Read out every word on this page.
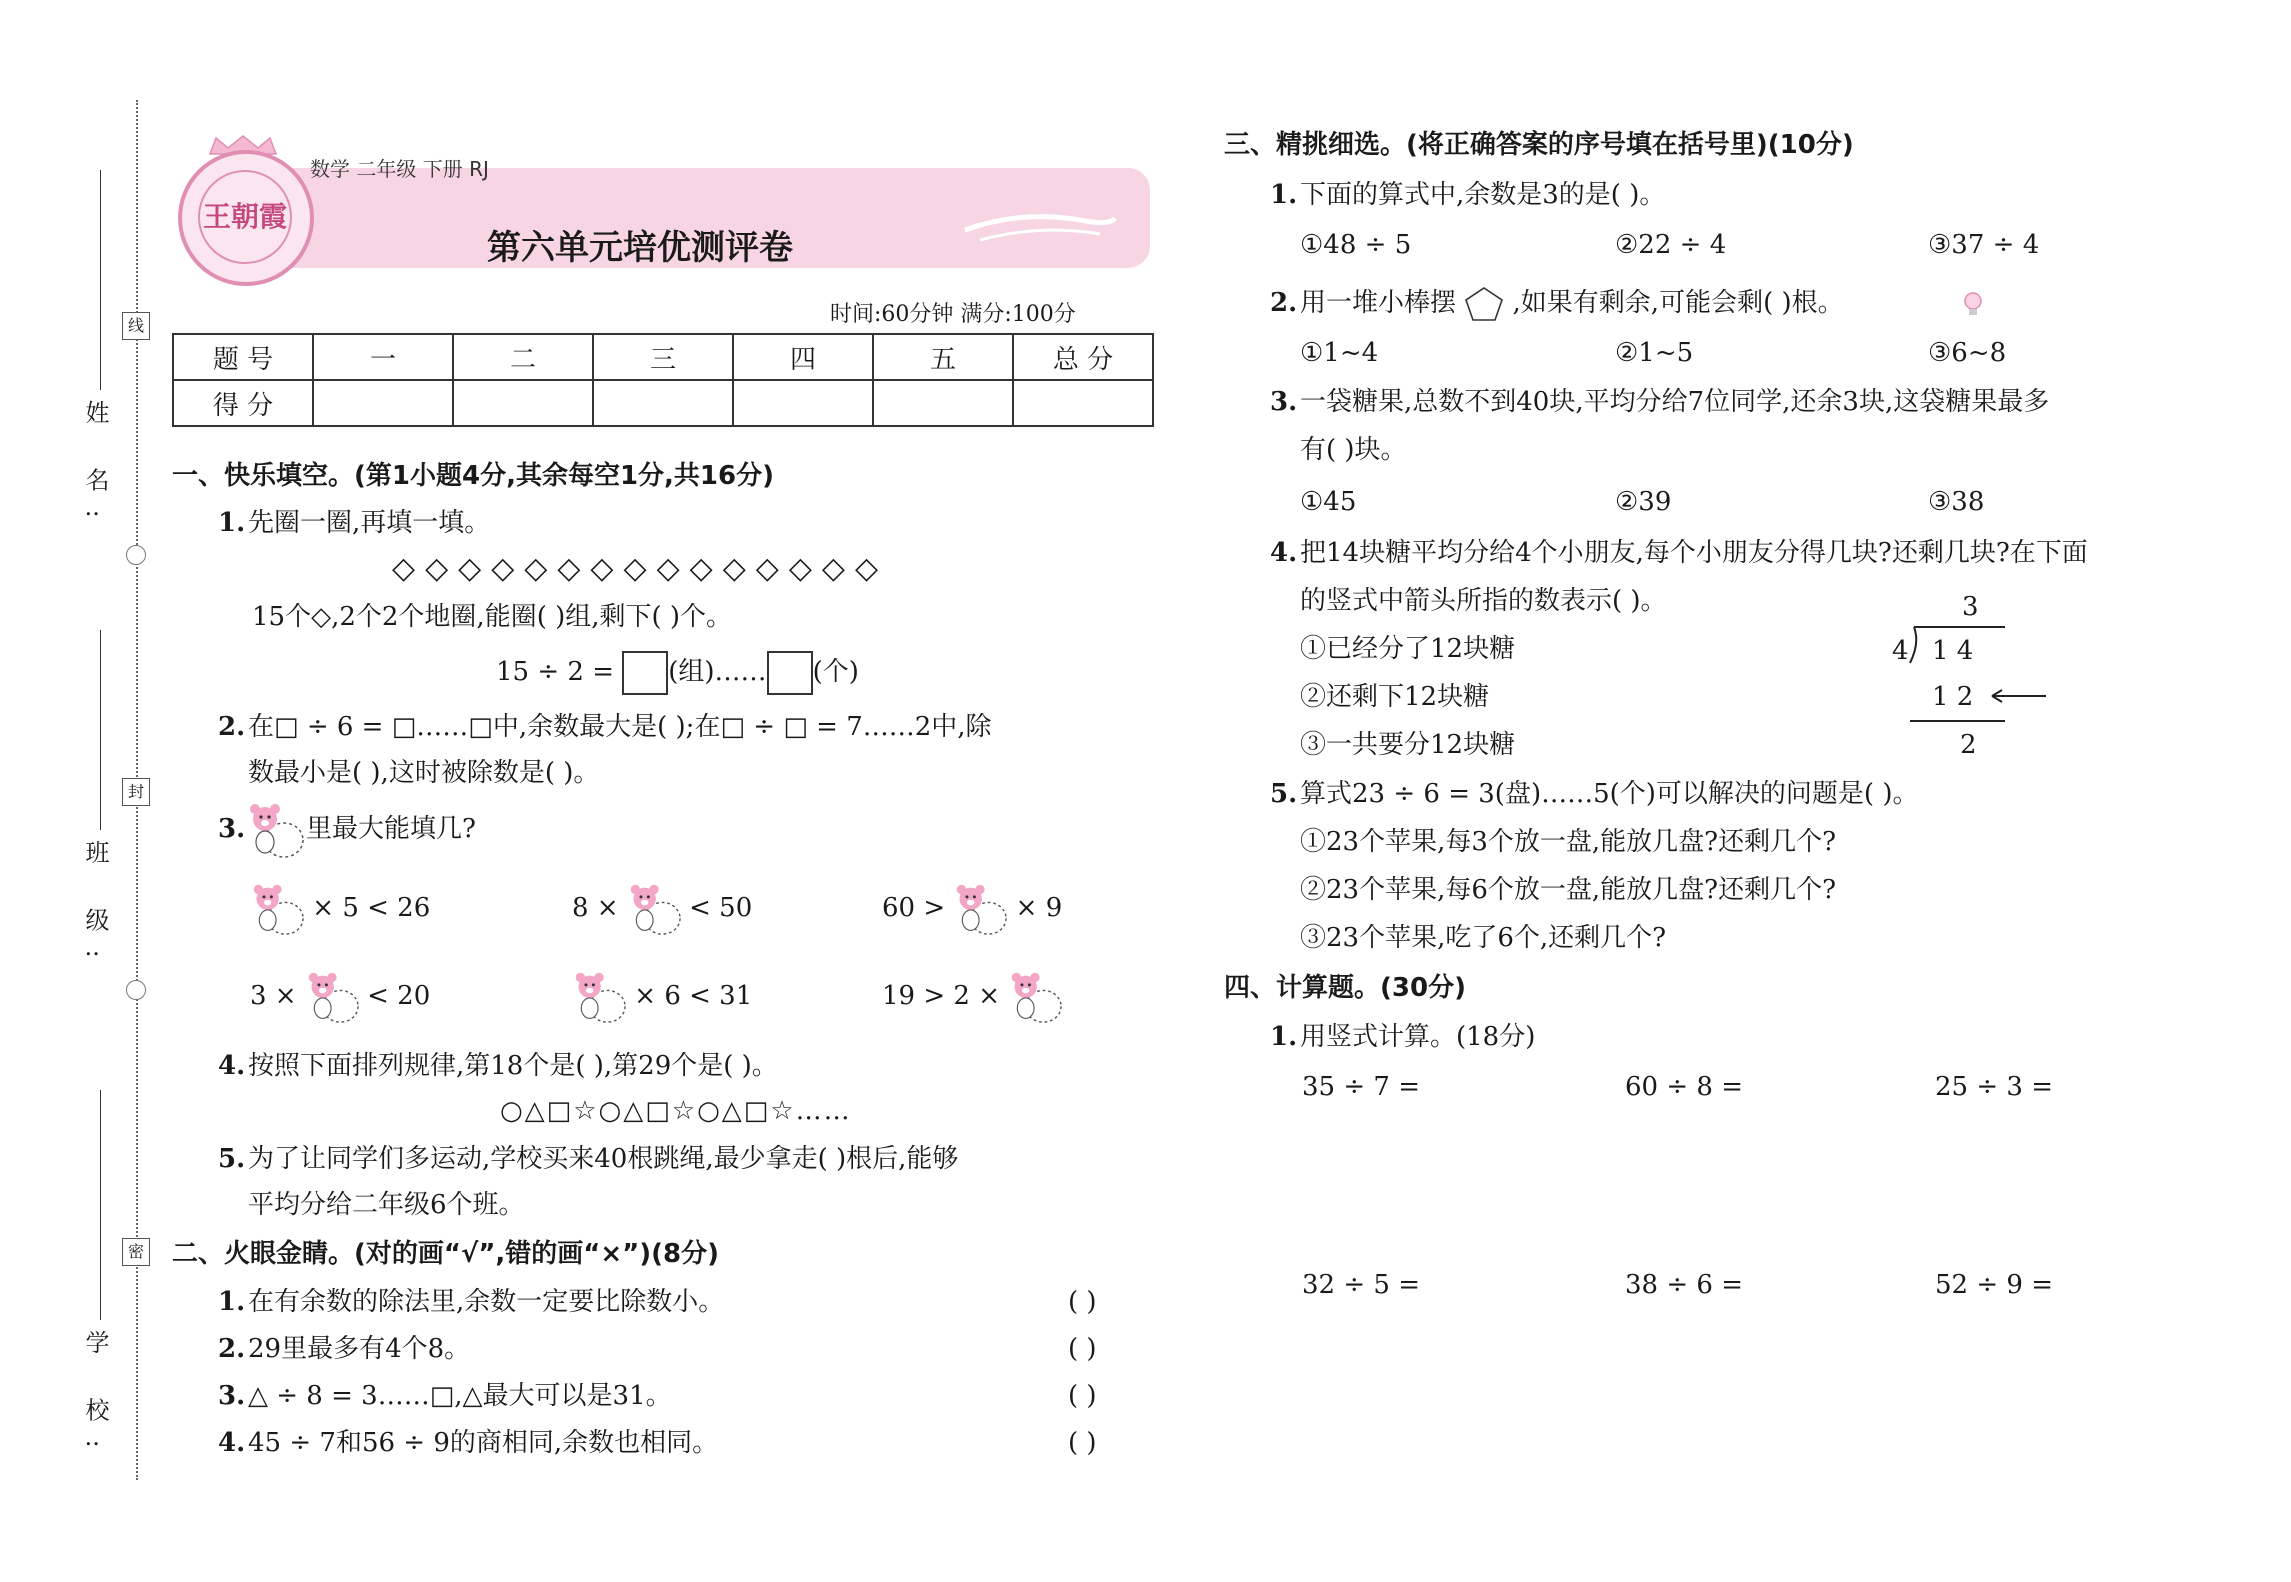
姓 名:
班 级:
学 校:
线
封
密
王朝霞
数学 二年级 下册 RJ
第六单元培优测评卷
时间:60分钟 满分:100分
题 号	一	二	三	四	五	总 分
得 分						
一、快乐填空。(第1小题4分,其余每空1分,共16分)
1. 先圈一圈,再填一填。
◇◇◇◇◇◇◇◇◇◇◇◇◇◇◇
15个◇,2个2个地圈,能圈( )组,剩下( )个。
15 ÷ 2 = (组)…… (个)
2. 在□ ÷ 6 = □……□中,余数最大是( );在□ ÷ □ = 7……2中,除
数最小是( ),这时被除数是( )。
3. 里最大能填几?
× 5 < 26	8 ×	< 50	60 >	× 9
3 ×	< 20	× 6 < 31	19 > 2 ×
4. 按照下面排列规律,第18个是( ),第29个是( )。
○△□☆○△□☆○△□☆……
5. 为了让同学们多运动,学校买来40根跳绳,最少拿走( )根后,能够
平均分给二年级6个班。
二、火眼金睛。(对的画“√”,错的画“×”)(8分)
1. 在有余数的除法里,余数一定要比除数小。	( )
2. 29里最多有4个8。	( )
3. △ ÷ 8 = 3……□,△最大可以是31。	( )
4. 45 ÷ 7和56 ÷ 9的商相同,余数也相同。	( )
三、精挑细选。(将正确答案的序号填在括号里)(10分)
1. 下面的算式中,余数是3的是( )。
①48 ÷ 5	②22 ÷ 4	③37 ÷ 4
2. 用一堆小棒摆 ,如果有剩余,可能会剩( )根。
①1~4	②1~5	③6~8
3. 一袋糖果,总数不到40块,平均分给7位同学,还余3块,这袋糖果最多
有( )块。
①45	②39	③38
4. 把14块糖平均分给4个小朋友,每个小朋友分得几块?还剩几块?在下面
的竖式中箭头所指的数表示( )。
①已经分了12块糖
②还剩下12块糖
③一共要分12块糖
3
4 1 4
1 2
2
5. 算式23 ÷ 6 = 3(盘)……5(个)可以解决的问题是( )。
①23个苹果,每3个放一盘,能放几盘?还剩几个?
②23个苹果,每6个放一盘,能放几盘?还剩几个?
③23个苹果,吃了6个,还剩几个?
四、计算题。(30分)
1. 用竖式计算。(18分)
35 ÷ 7 =	60 ÷ 8 =	25 ÷ 3 =
32 ÷ 5 =	38 ÷ 6 =	52 ÷ 9 =
